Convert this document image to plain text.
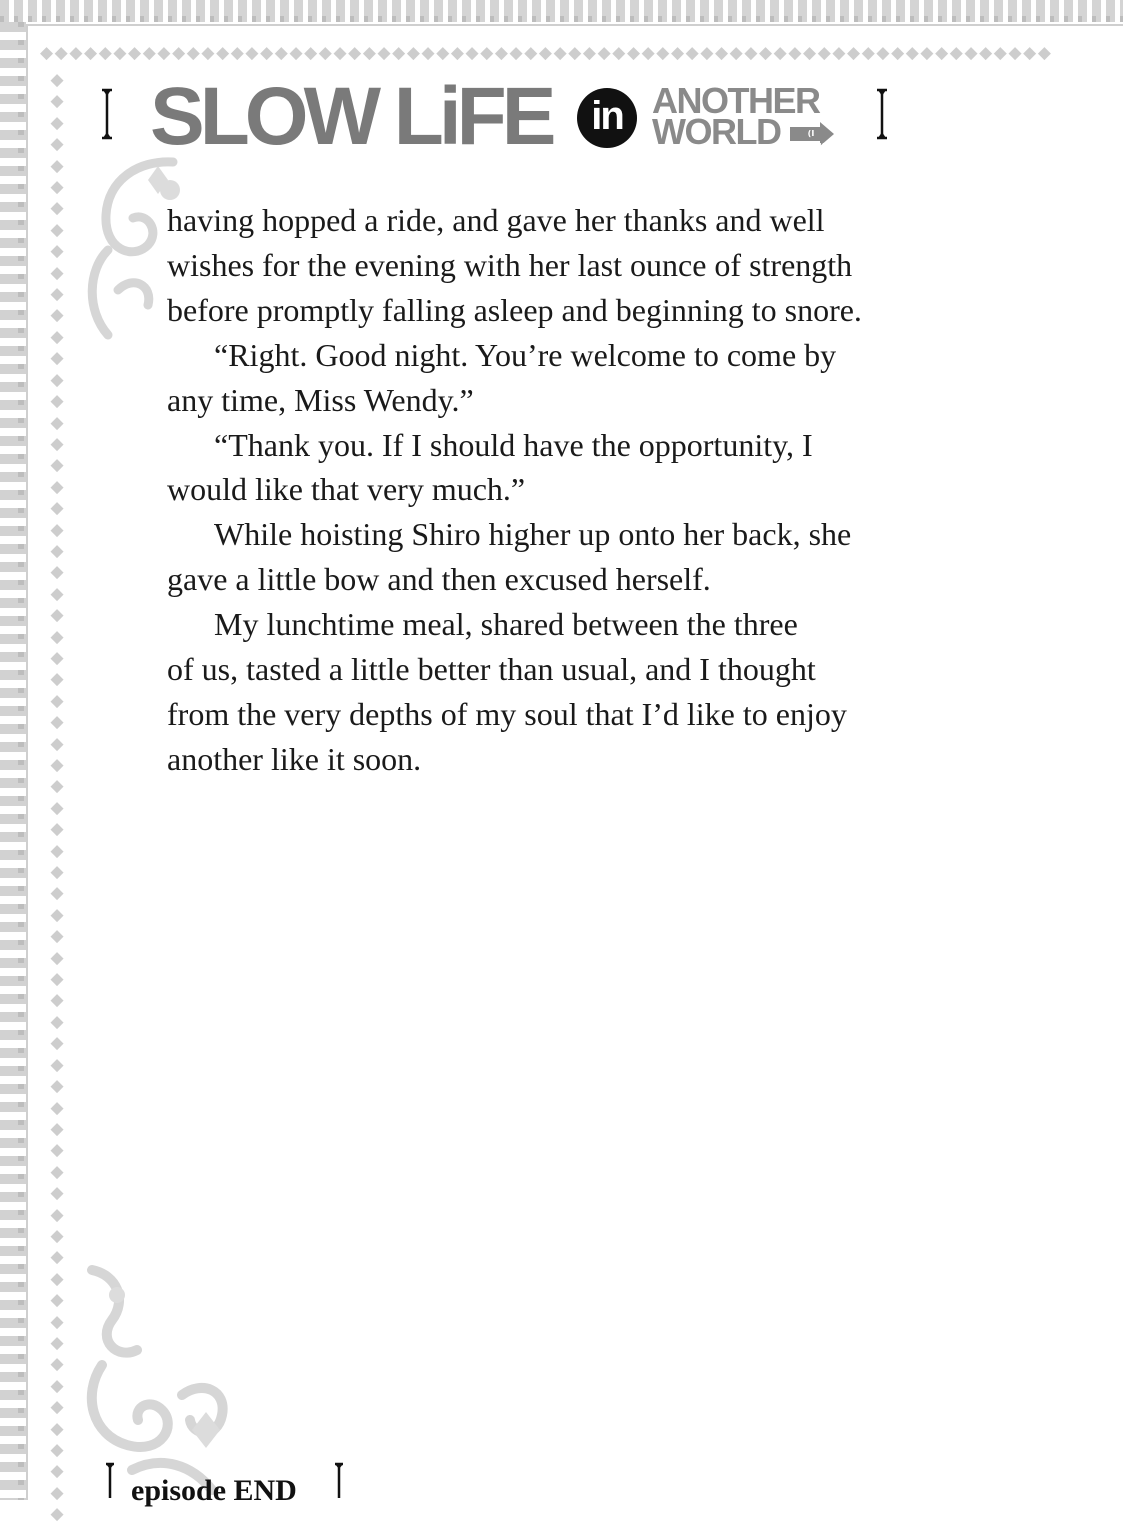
◆◆◆◆◆◆◆◆◆◆◆◆◆◆◆◆◆◆◆◆◆◆◆◆◆◆◆◆◆◆◆◆◆◆◆◆◆◆◆◆◆◆◆◆◆◆◆◆◆◆◆◆◆◆◆◆◆◆◆◆◆◆◆◆◆◆◆◆◆
◆
◆
◆
◆
◆
◆
◆
◆
◆
◆
◆
◆
◆
◆
◆
◆
◆
◆
◆
◆
◆
◆
◆
◆
◆
◆
◆
◆
◆
◆
◆
◆
◆
◆
◆
◆
◆
◆
◆
◆
◆
◆
◆
◆
◆
◆
◆
◆
◆
◆
◆
◆
◆
◆
◆
◆
◆
◆
◆
◆
◆
◆
◆
◆
◆
◆
◆
◆
SLOW LiFE in ANOTHER
WORLD	(I Wish!)
having hopped a ride, and gave her thanks and well
wishes for the evening with her last ounce of strength
before promptly falling asleep and beginning to snore.
“Right. Good night. You’re welcome to come by
any time, Miss Wendy.”
“Thank you. If I should have the opportunity, I
would like that very much.”
While hoisting Shiro higher up onto her back, she
gave a little bow and then excused herself.
My lunchtime meal, shared between the three
of us, tasted a little better than usual, and I thought
from the very depths of my soul that I’d like to enjoy
another like it soon.
episode END
